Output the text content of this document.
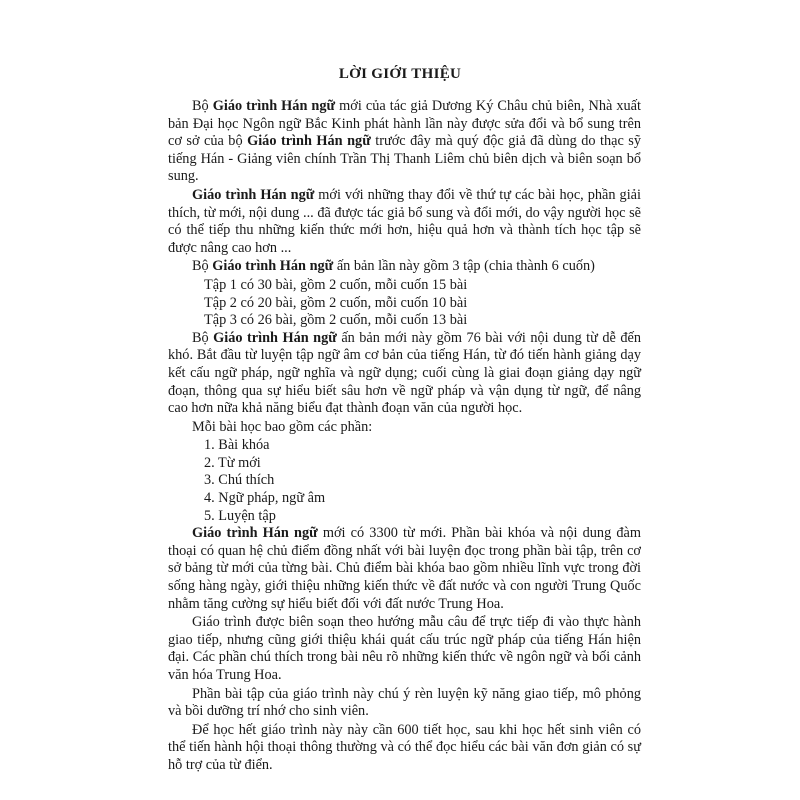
LỜI GIỚI THIỆU

Bộ Giáo trình Hán ngữ mới của tác giả Dương Ký Châu chủ biên, Nhà xuất bản Đại học Ngôn ngữ Bắc Kinh phát hành lần này được sửa đổi và bổ sung trên cơ sở của bộ Giáo trình Hán ngữ trước đây mà quý độc giả đã dùng do thạc sỹ tiếng Hán - Giảng viên chính Trần Thị Thanh Liêm chủ biên dịch và biên soạn bổ sung.

Giáo trình Hán ngữ mới với những thay đổi về thứ tự các bài học, phần giải thích, từ mới, nội dung ... đã được tác giả bổ sung và đổi mới, do vậy người học sẽ có thể tiếp thu những kiến thức mới hơn, hiệu quả hơn và thành tích học tập sẽ được nâng cao hơn ...

Bộ Giáo trình Hán ngữ ấn bản lần này gồm 3 tập (chia thành 6 cuốn)

Tập 1 có 30 bài, gồm 2 cuốn, mỗi cuốn 15 bài

Tập 2 có 20 bài, gồm 2 cuốn, mỗi cuốn 10 bài

Tập 3 có 26 bài, gồm 2 cuốn, mỗi cuốn 13 bài

Bộ Giáo trình Hán ngữ ấn bản mới này gồm 76 bài với nội dung từ dễ đến khó. Bắt đầu từ luyện tập ngữ âm cơ bản của tiếng Hán, từ đó tiến hành giảng dạy kết cấu ngữ pháp, ngữ nghĩa và ngữ dụng; cuối cùng là giai đoạn giảng dạy ngữ đoạn, thông qua sự hiểu biết sâu hơn về ngữ pháp và vận dụng từ ngữ, để nâng cao hơn nữa khả năng biểu đạt thành đoạn văn của người học.

Mỗi bài học bao gồm các phần:

1. Bài khóa

2. Từ mới

3. Chú thích

4. Ngữ pháp, ngữ âm

5. Luyện tập

Giáo trình Hán ngữ mới có 3300 từ mới. Phần bài khóa và nội dung đàm thoại có quan hệ chủ điểm đồng nhất với bài luyện đọc trong phần bài tập, trên cơ sở bảng từ mới của từng bài. Chủ điểm bài khóa bao gồm nhiều lĩnh vực trong đời sống hàng ngày, giới thiệu những kiến thức về đất nước và con người Trung Quốc nhằm tăng cường sự hiểu biết đối với đất nước Trung Hoa.

Giáo trình được biên soạn theo hướng mẫu câu để trực tiếp đi vào thực hành giao tiếp, nhưng cũng giới thiệu khái quát cấu trúc ngữ pháp của tiếng Hán hiện đại. Các phần chú thích trong bài nêu rõ những kiến thức về ngôn ngữ và bối cảnh văn hóa Trung Hoa.

Phần bài tập của giáo trình này chú ý rèn luyện kỹ năng giao tiếp, mô phỏng và bồi dưỡng trí nhớ cho sinh viên.

Để học hết giáo trình này này cần 600 tiết học, sau khi học hết sinh viên có thể tiến hành hội thoại thông thường và có thể đọc hiểu các bài văn đơn giản có sự hỗ trợ của từ điển.
